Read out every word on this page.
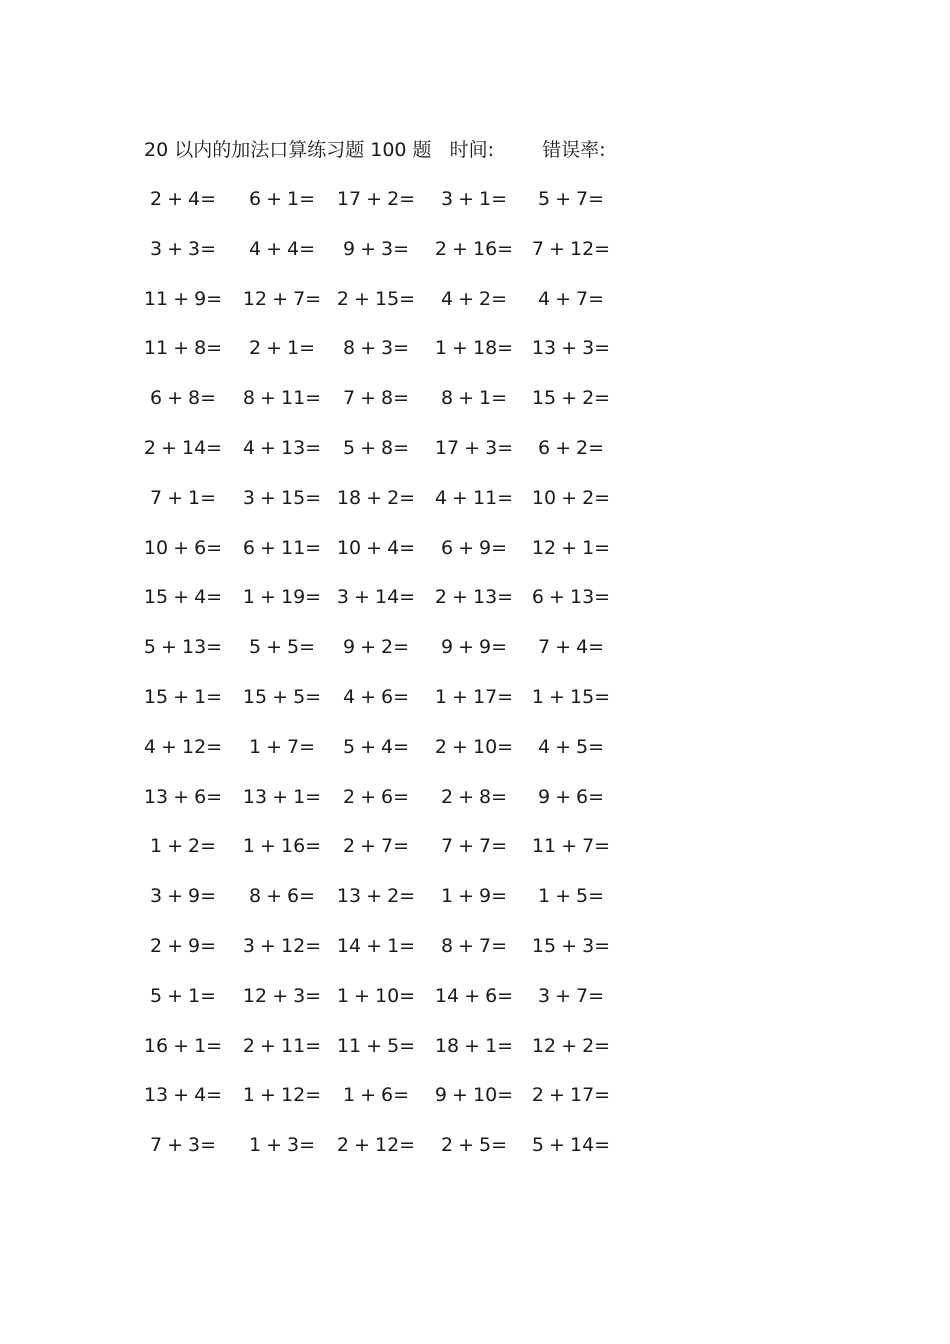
20 以内的加法口算练习题 100 题 时间:	错误率:
2 + 4= 6 + 1= 17 + 2= 3 + 1= 5 + 7=
3 + 3= 4 + 4= 9 + 3= 2 + 16= 7 + 12=
11 + 9= 12 + 7= 2 + 15= 4 + 2= 4 + 7=
11 + 8= 2 + 1= 8 + 3= 1 + 18= 13 + 3=
6 + 8= 8 + 11= 7 + 8= 8 + 1= 15 + 2=
2 + 14= 4 + 13= 5 + 8= 17 + 3= 6 + 2=
7 + 1= 3 + 15= 18 + 2= 4 + 11= 10 + 2=
10 + 6= 6 + 11= 10 + 4= 6 + 9= 12 + 1=
15 + 4= 1 + 19= 3 + 14= 2 + 13= 6 + 13=
5 + 13= 5 + 5= 9 + 2= 9 + 9= 7 + 4=
15 + 1= 15 + 5= 4 + 6= 1 + 17= 1 + 15=
4 + 12= 1 + 7= 5 + 4= 2 + 10= 4 + 5=
13 + 6= 13 + 1= 2 + 6= 2 + 8= 9 + 6=
1 + 2= 1 + 16= 2 + 7= 7 + 7= 11 + 7=
3 + 9= 8 + 6= 13 + 2= 1 + 9= 1 + 5=
2 + 9= 3 + 12= 14 + 1= 8 + 7= 15 + 3=
5 + 1= 12 + 3= 1 + 10= 14 + 6= 3 + 7=
16 + 1= 2 + 11= 11 + 5= 18 + 1= 12 + 2=
13 + 4= 1 + 12= 1 + 6= 9 + 10= 2 + 17=
7 + 3= 1 + 3= 2 + 12= 2 + 5= 5 + 14=
